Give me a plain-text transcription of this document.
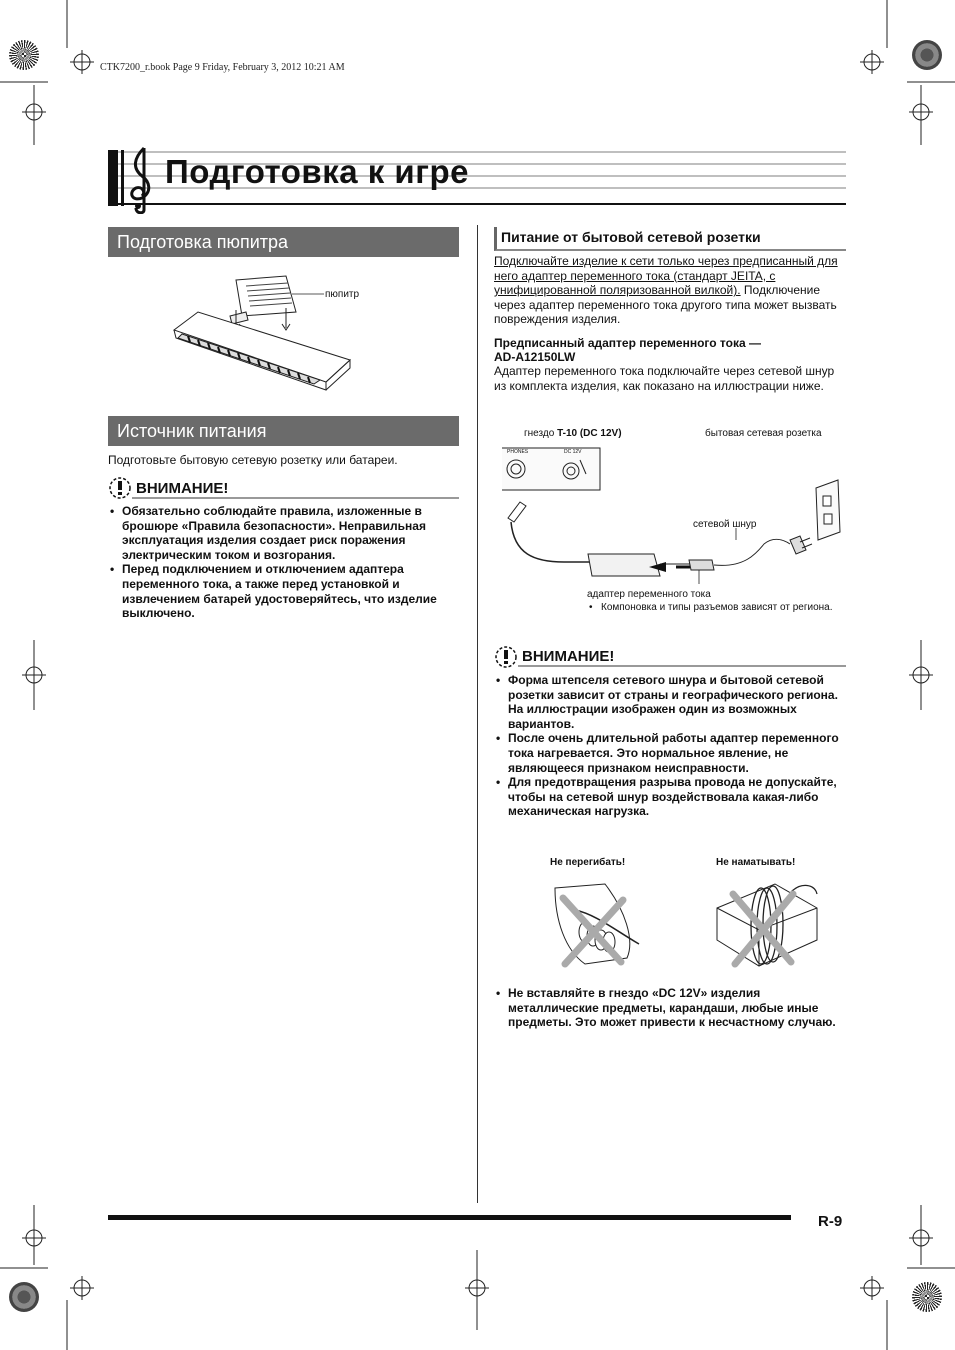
CTK7200_r.book Page 9 Friday, February 3, 2012 10:21 AM
Подготовка к игре
Подготовка пюпитра
пюпитр
Источник питания
Подготовьте бытовую сетевую розетку или батареи.
ВНИМАНИЕ!
• Обязательно соблюдайте правила, изложенные в брошюре «Правила безопасности». Неправильная эксплуатация изделия создает риск поражения электрическим током и возгорания.
• Перед подключением и отключением адаптера переменного тока, а также перед установкой и извлечением батарей удостоверяйтесь, что изделие выключено.
Питание от бытовой сетевой розетки
Подключайте изделие к сети только через предписанный для него адаптер переменного тока (стандарт JEITA, с унифицированной поляризованной вилкой). Подключение через адаптер переменного тока другого типа может вызвать повреждения изделия.
Предписанный адаптер переменного тока —
AD-A12150LW
Адаптер переменного тока подключайте через сетевой шнур из комплекта изделия, как показано на иллюстрации ниже.
гнездо T-10 (DC 12V)	бытовая сетевая розетка
сетевой шнур
PHONES	DC 12V
адаптер переменного тока
• Компоновка и типы разъемов зависят от региона.
ВНИМАНИЕ!
• Форма штепселя сетевого шнура и бытовой сетевой розетки зависит от страны и географического региона. На иллюстрации изображен один из возможных вариантов.
• После очень длительной работы адаптер переменного тока нагревается. Это нормальное явление, не являющееся признаком неисправности.
• Для предотвращения разрыва провода не допускайте, чтобы на сетевой шнур воздействовала какая-либо механическая нагрузка.
Не перегибать!	Не наматывать!
• Не вставляйте в гнездо «DC 12V» изделия металлические предметы, карандаши, любые иные предметы. Это может привести к несчастному случаю.
R-9
